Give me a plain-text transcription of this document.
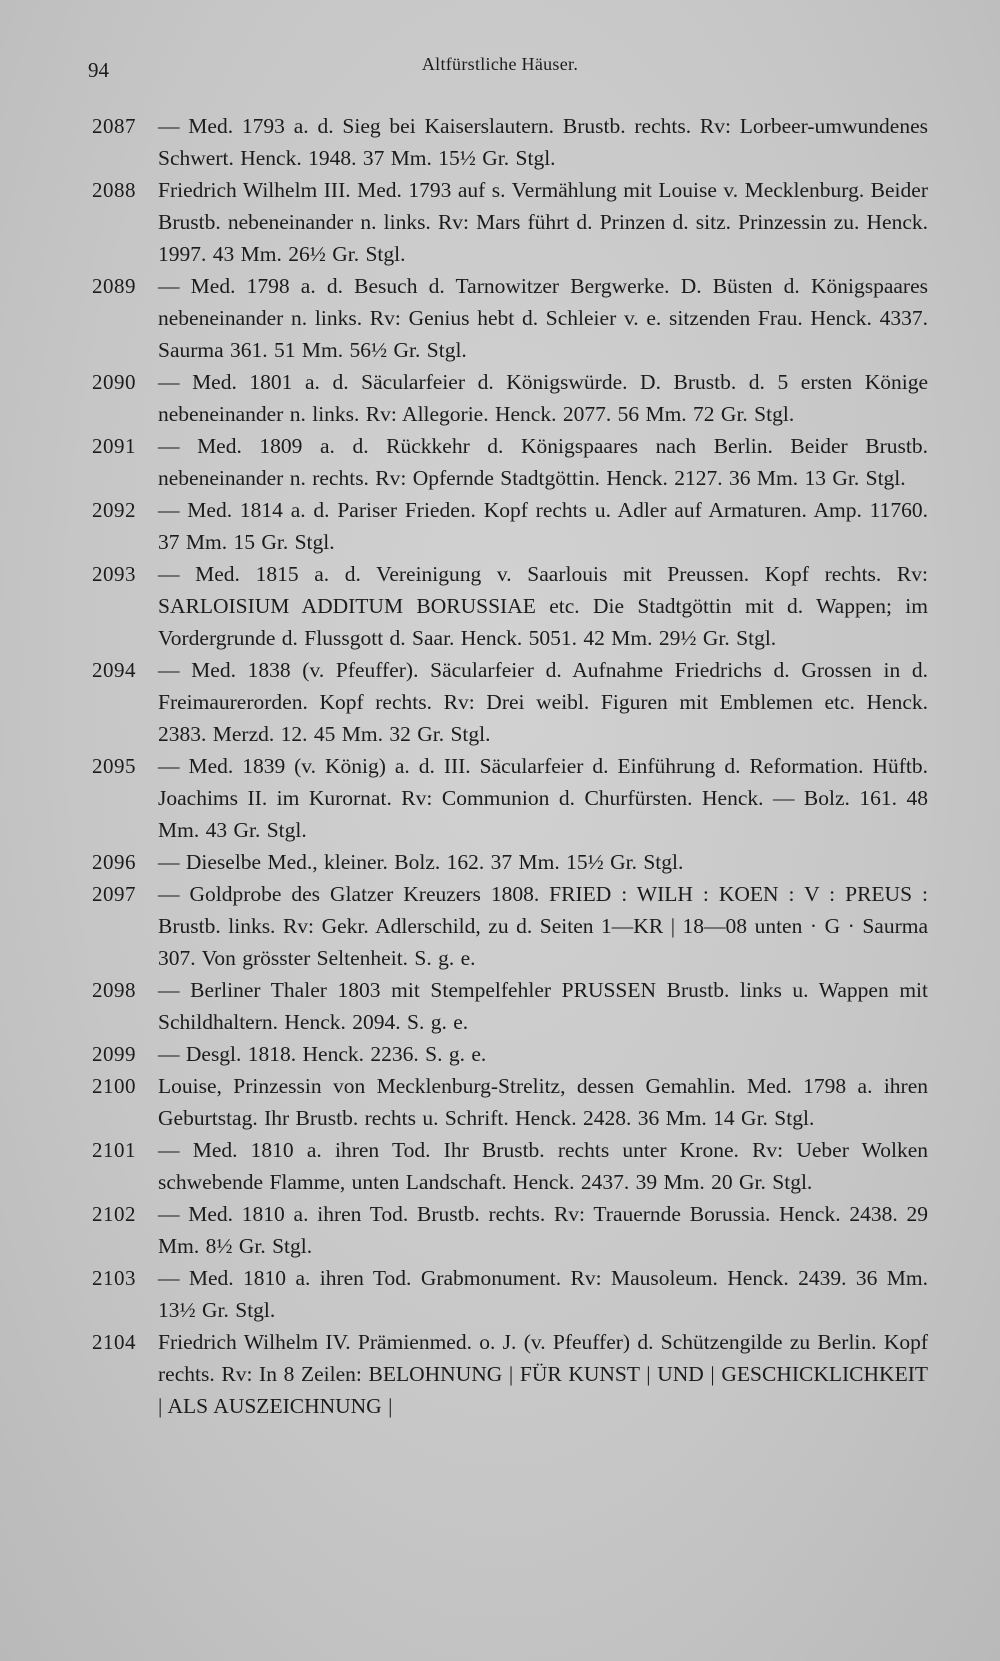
94	Altfürstliche Häuser.
2087	— Med. 1793 a. d. Sieg bei Kaiserslautern. Brustb. rechts. Rv: Lorbeer-umwundenes Schwert. Henck. 1948. 37 Mm. 15½ Gr. Stgl.
2088	Friedrich Wilhelm III. Med. 1793 auf s. Vermählung mit Louise v. Mecklenburg. Beider Brustb. nebeneinander n. links. Rv: Mars führt d. Prinzen d. sitz. Prinzessin zu. Henck. 1997. 43 Mm. 26½ Gr. Stgl.
2089	— Med. 1798 a. d. Besuch d. Tarnowitzer Bergwerke. D. Büsten d. Königspaares nebeneinander n. links. Rv: Genius hebt d. Schleier v. e. sitzenden Frau. Henck. 4337. Saurma 361. 51 Mm. 56½ Gr. Stgl.
2090	— Med. 1801 a. d. Säcularfeier d. Königswürde. D. Brustb. d. 5 ersten Könige nebeneinander n. links. Rv: Allegorie. Henck. 2077. 56 Mm. 72 Gr. Stgl.
2091	— Med. 1809 a. d. Rückkehr d. Königspaares nach Berlin. Beider Brustb. nebeneinander n. rechts. Rv: Opfernde Stadtgöttin. Henck. 2127. 36 Mm. 13 Gr. Stgl.
2092	— Med. 1814 a. d. Pariser Frieden. Kopf rechts u. Adler auf Armaturen. Amp. 11760. 37 Mm. 15 Gr. Stgl.
2093	— Med. 1815 a. d. Vereinigung v. Saarlouis mit Preussen. Kopf rechts. Rv: SARLOISIUM ADDITUM BORUSSIAE etc. Die Stadtgöttin mit d. Wappen; im Vordergrunde d. Flussgott d. Saar. Henck. 5051. 42 Mm. 29½ Gr. Stgl.
2094	— Med. 1838 (v. Pfeuffer). Säcularfeier d. Aufnahme Friedrichs d. Grossen in d. Freimaurerorden. Kopf rechts. Rv: Drei weibl. Figuren mit Emblemen etc. Henck. 2383. Merzd. 12. 45 Mm. 32 Gr. Stgl.
2095	— Med. 1839 (v. König) a. d. III. Säcularfeier d. Einführung d. Reformation. Hüftb. Joachims II. im Kurornat. Rv: Communion d. Churfürsten. Henck. — Bolz. 161. 48 Mm. 43 Gr. Stgl.
2096	— Dieselbe Med., kleiner. Bolz. 162. 37 Mm. 15½ Gr. Stgl.
2097	— Goldprobe des Glatzer Kreuzers 1808. FRIED : WILH : KOEN : V : PREUS : Brustb. links. Rv: Gekr. Adlerschild, zu d. Seiten 1—KR | 18—08 unten · G · Saurma 307. Von grösster Seltenheit. S. g. e.
2098	— Berliner Thaler 1803 mit Stempelfehler PRUSSEN Brustb. links u. Wappen mit Schildhaltern. Henck. 2094. S. g. e.
2099	— Desgl. 1818. Henck. 2236. S. g. e.
2100	Louise, Prinzessin von Mecklenburg-Strelitz, dessen Gemahlin. Med. 1798 a. ihren Geburtstag. Ihr Brustb. rechts u. Schrift. Henck. 2428. 36 Mm. 14 Gr. Stgl.
2101	— Med. 1810 a. ihren Tod. Ihr Brustb. rechts unter Krone. Rv: Ueber Wolken schwebende Flamme, unten Landschaft. Henck. 2437. 39 Mm. 20 Gr. Stgl.
2102	— Med. 1810 a. ihren Tod. Brustb. rechts. Rv: Trauernde Borussia. Henck. 2438. 29 Mm. 8½ Gr. Stgl.
2103	— Med. 1810 a. ihren Tod. Grabmonument. Rv: Mausoleum. Henck. 2439. 36 Mm. 13½ Gr. Stgl.
2104	Friedrich Wilhelm IV. Prämienmed. o. J. (v. Pfeuffer) d. Schützengilde zu Berlin. Kopf rechts. Rv: In 8 Zeilen: BELOHNUNG | FÜR KUNST | UND | GESCHICKLICHKEIT | ALS AUSZEICHNUNG |
